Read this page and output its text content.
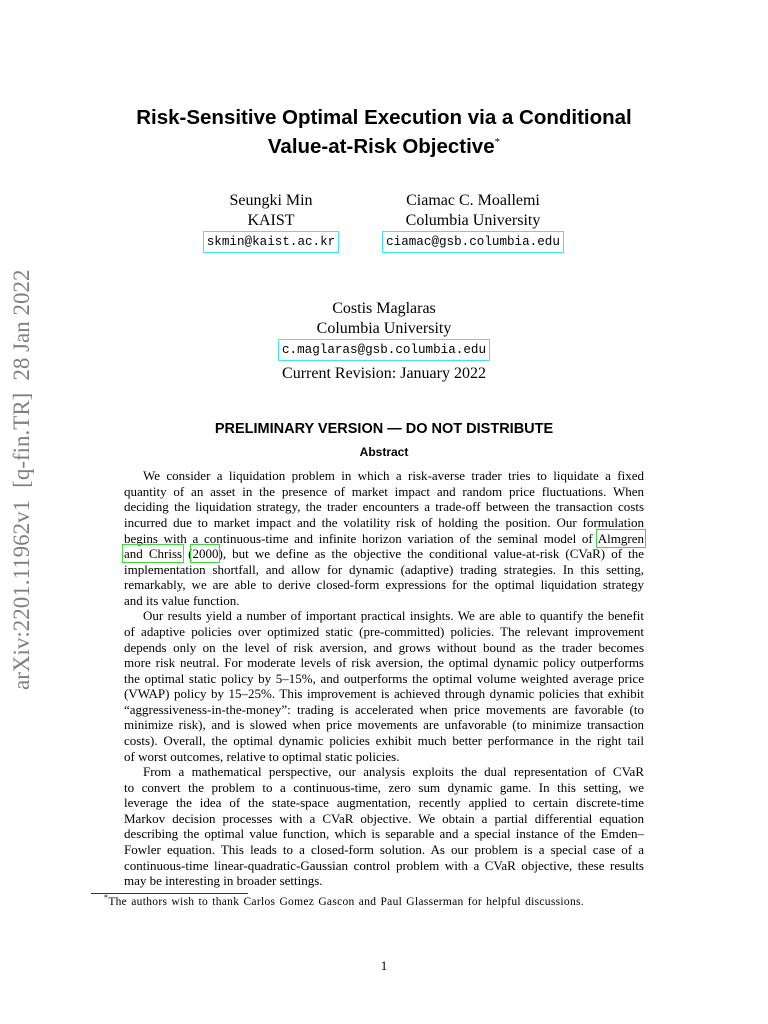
arXiv:2201.11962v1[q-fin.TR]28 Jan 2022
Risk-Sensitive Optimal Execution via a Conditional
Value-at-Risk Objective*
Seungki Min
KAIST
skmin@kaist.ac.kr
Ciamac C. Moallemi
Columbia University
ciamac@gsb.columbia.edu
Costis Maglaras
Columbia University
c.maglaras@gsb.columbia.edu
Current Revision: January 2022
PRELIMINARY VERSION — DO NOT DISTRIBUTE
Abstract
We consider a liquidation problem in which a risk-averse trader tries to liquidate a fixed
quantity of an asset in the presence of market impact and random price fluctuations. When
deciding the liquidation strategy, the trader encounters a trade-off between the transaction costs
incurred due to market impact and the volatility risk of holding the position. Our formulation
begins with a continuous-time and infinite horizon variation of the seminal model of Almgren
and Chriss (2000), but we define as the objective the conditional value-at-risk (CVaR) of the
implementation shortfall, and allow for dynamic (adaptive) trading strategies. In this setting,
remarkably, we are able to derive closed-form expressions for the optimal liquidation strategy
and its value function.
Our results yield a number of important practical insights. We are able to quantify the benefit
of adaptive policies over optimized static (pre-committed) policies. The relevant improvement
depends only on the level of risk aversion, and grows without bound as the trader becomes
more risk neutral. For moderate levels of risk aversion, the optimal dynamic policy outperforms
the optimal static policy by 5–15%, and outperforms the optimal volume weighted average price
(VWAP) policy by 15–25%. This improvement is achieved through dynamic policies that exhibit
“aggressiveness-in-the-money”: trading is accelerated when price movements are favorable (to
minimize risk), and is slowed when price movements are unfavorable (to minimize transaction
costs). Overall, the optimal dynamic policies exhibit much better performance in the right tail
of worst outcomes, relative to optimal static policies.
From a mathematical perspective, our analysis exploits the dual representation of CVaR
to convert the problem to a continuous-time, zero sum dynamic game. In this setting, we
leverage the idea of the state-space augmentation, recently applied to certain discrete-time
Markov decision processes with a CVaR objective. We obtain a partial differential equation
describing the optimal value function, which is separable and a special instance of the Emden–
Fowler equation. This leads to a closed-form solution. As our problem is a special case of a
continuous-time linear-quadratic-Gaussian control problem with a CVaR objective, these results
may be interesting in broader settings.
*The authors wish to thank Carlos Gomez Gascon and Paul Glasserman for helpful discussions.
1
